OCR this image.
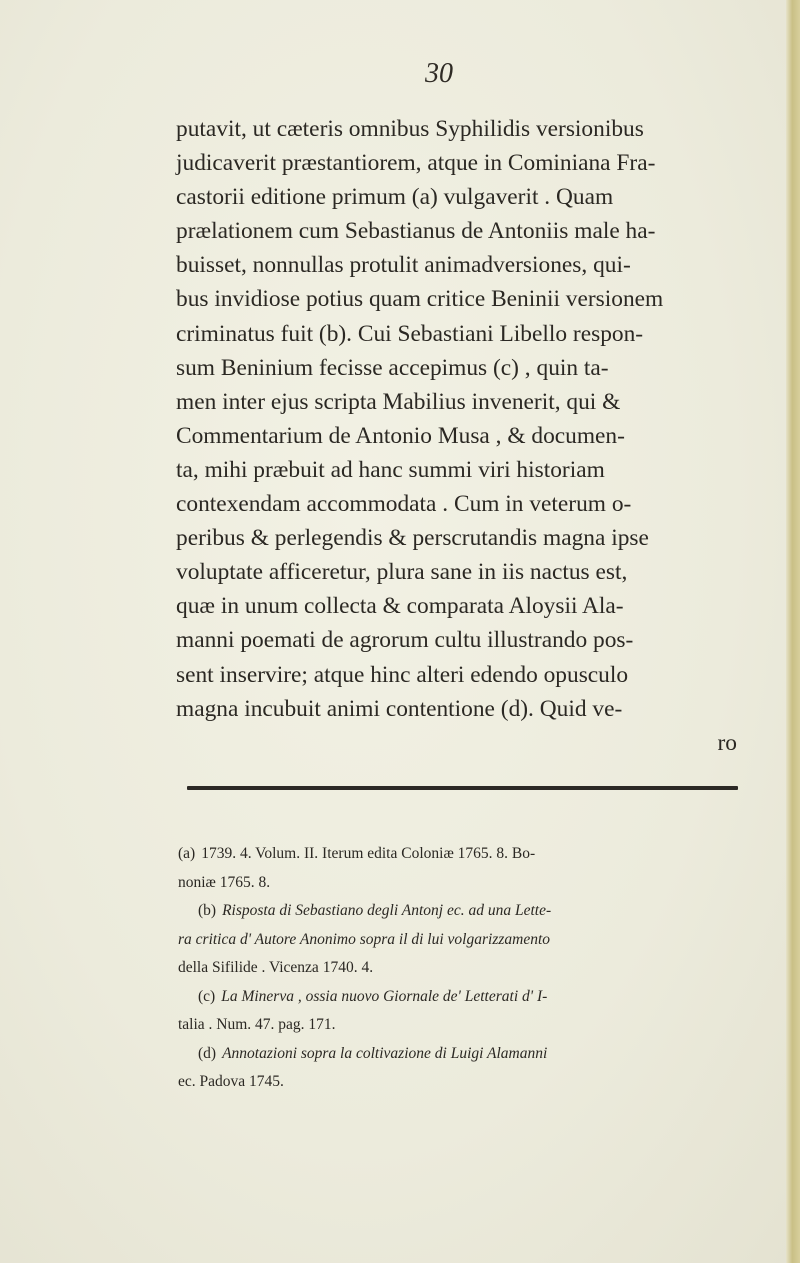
30
putavit, ut cæteris omnibus Syphilidis versionibus
judicaverit præstantiorem, atque in Cominiana Fra-
castorii editione primum (a) vulgaverit . Quam
prælationem cum Sebastianus de Antoniis male ha-
buisset, nonnullas protulit animadversiones, qui-
bus invidiose potius quam critice Beninii versionem
criminatus fuit (b). Cui Sebastiani Libello respon-
sum Beninium fecisse accepimus (c) , quin ta-
men inter ejus scripta Mabilius invenerit, qui &
Commentarium de Antonio Musa , & documen-
ta, mihi præbuit ad hanc summi viri historiam
contexendam accommodata . Cum in veterum o-
peribus & perlegendis & perscrutandis magna ipse
voluptate afficeretur, plura sane in iis nactus est,
quæ in unum collecta & comparata Aloysii Ala-
manni poemati de agrorum cultu illustrando pos-
sent inservire; atque hinc alteri edendo opusculo
magna incubuit animi contentione (d). Quid ve-
ro
(a) 1739. 4. Volum. II. Iterum edita Coloniæ 1765. 8. Bo-
noniæ 1765. 8.
(b) Risposta di Sebastiano degli Antonj ec. ad una Lette-
ra critica d' Autore Anonimo sopra il di lui volgarizzamento
della Sifilide . Vicenza 1740. 4.
(c) La Minerva , ossia nuovo Giornale de' Letterati d' I-
talia . Num. 47. pag. 171.
(d) Annotazioni sopra la coltivazione di Luigi Alamanni
ec. Padova 1745.
